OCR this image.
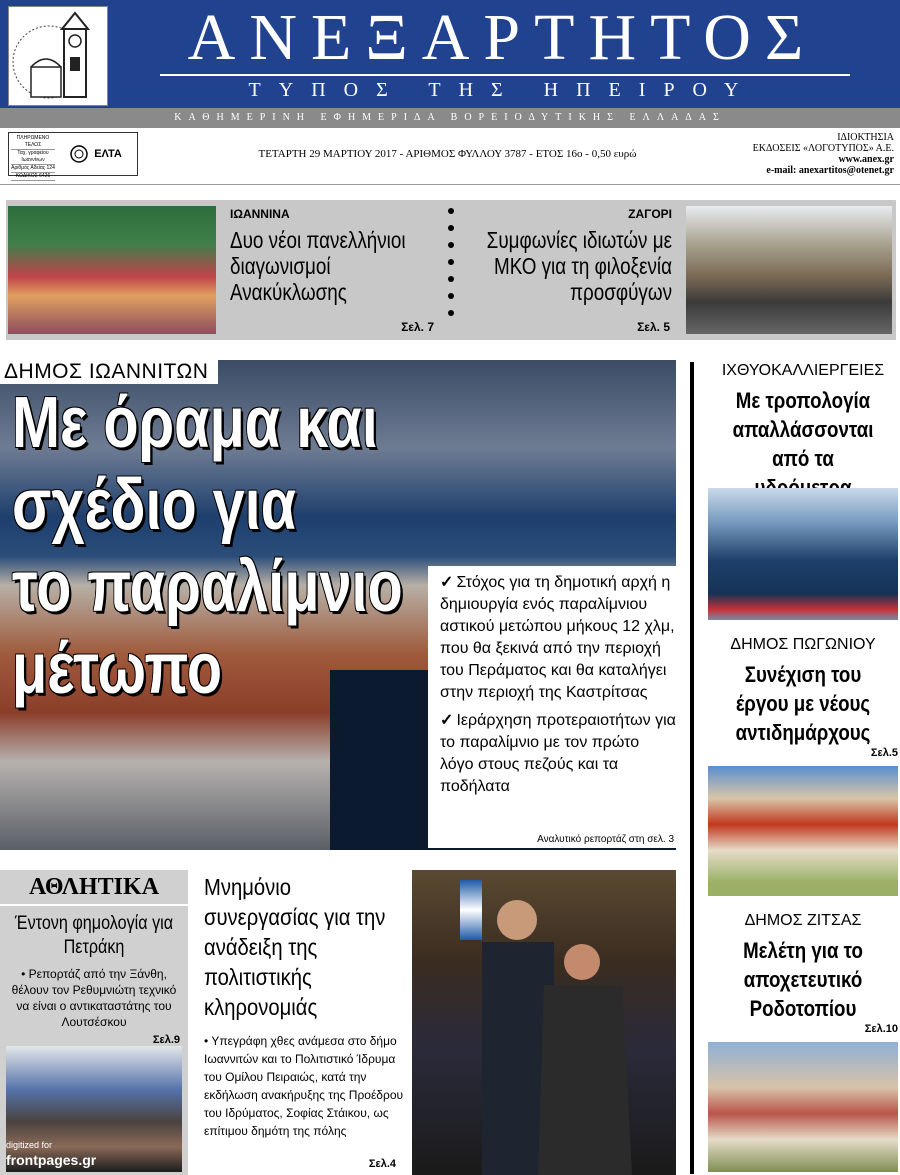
ΑΝΕΞΑΡΤΗΤΟΣ
ΤΥΠΟΣ ΤΗΣ ΗΠΕΙΡΟΥ
ΚΑΘΗΜΕΡΙΝΗ ΕΦΗΜΕΡΙΔΑ ΒΟΡΕΙΟΔΥΤΙΚΗΣ ΕΛΛΑΔΑΣ
ΠΛΗΡΩΜΕΝΟ ΤΕΛΟΣ
Ταχ. γραφείου Ιωαννίνων
Αριθμός Αδείας 124
ΚΩΔΙΚΟΣ 6426
ΕΛΤΑ	ΤΕΤΑΡΤΗ 29 ΜΑΡΤΙΟΥ 2017 - ΑΡΙΘΜΟΣ ΦΥΛΛΟΥ 3787 - ΕΤΟΣ 16ο - 0,50 ευρώ
ΙΔΙΟΚΤΗΣΙΑ
ΕΚΔΟΣΕΙΣ «ΛΟΓΟΤΥΠΟΣ» Α.Ε.
www.anex.gr
e-mail: anexartitos@otenet.gr
ΙΩΑΝΝΙΝΑ
Δυο νέοι πανελλήνιοι διαγωνισμοί Ανακύκλωσης
Σελ. 7
ΖΑΓΟΡΙ
Συμφωνίες ιδιωτών με ΜΚΟ για τη φιλοξενία προσφύγων
Σελ. 5
ΔΗΜΟΣ ΙΩΑΝΝΙΤΩΝ
Με όραμα και σχέδιο για
το παραλίμνιο μέτωπο
✓ Στόχος για τη δημοτική αρχή η δημιουργία ενός παραλίμνιου αστικού μετώπου μήκους 12 χλμ, που θα ξεκινά από την περιοχή του Περάματος και θα καταλήγει στην περιοχή της Καστρίτσας
✓ Ιεράρχηση προτεραιοτήτων για το παραλίμνιο με τον πρώτο λόγο στους πεζούς και τα ποδήλατα
Αναλυτικό ρεπορτάζ στη σελ. 3
ΙΧΘΥΟΚΑΛΛΙΕΡΓΕΙΕΣ
Με τροπολογία απαλλάσσονται από τα
ΔΗΜΟΣ ΠΩΓΩΝΙΟΥ
Συνέχιση του έργου με νέους αντιδημάρχους
Σελ.5
ΔΗΜΟΣ ΖΙΤΣΑΣ
Μελέτη για το αποχετευτικό Ροδοτοπίου
Σελ.10
ΑΘΛΗΤΙΚΑ
Έντονη φημολογία για Πετράκη
• Ρεπορτάζ από την Ξάνθη, θέλουν τον Ρεθυμνιώτη τεχνικό να είναι ο αντικαταστάτης του Λουτσέσκου
Σελ.9
digitized for
frontpages.gr
Μνημόνιο συνεργασίας για την ανάδειξη της πολιτιστικής κληρονομιάς
• Υπεγράφη χθες ανάμεσα στο δήμο Ιωαννιτών και το Πολιτιστικό Ίδρυμα του Ομίλου Πειραιώς, κατά την εκδήλωση ανακήρυξης της Προέδρου του Ιδρύματος, Σοφίας Στάικου, ως επίτιμου δημότη της πόλης
Σελ.4
